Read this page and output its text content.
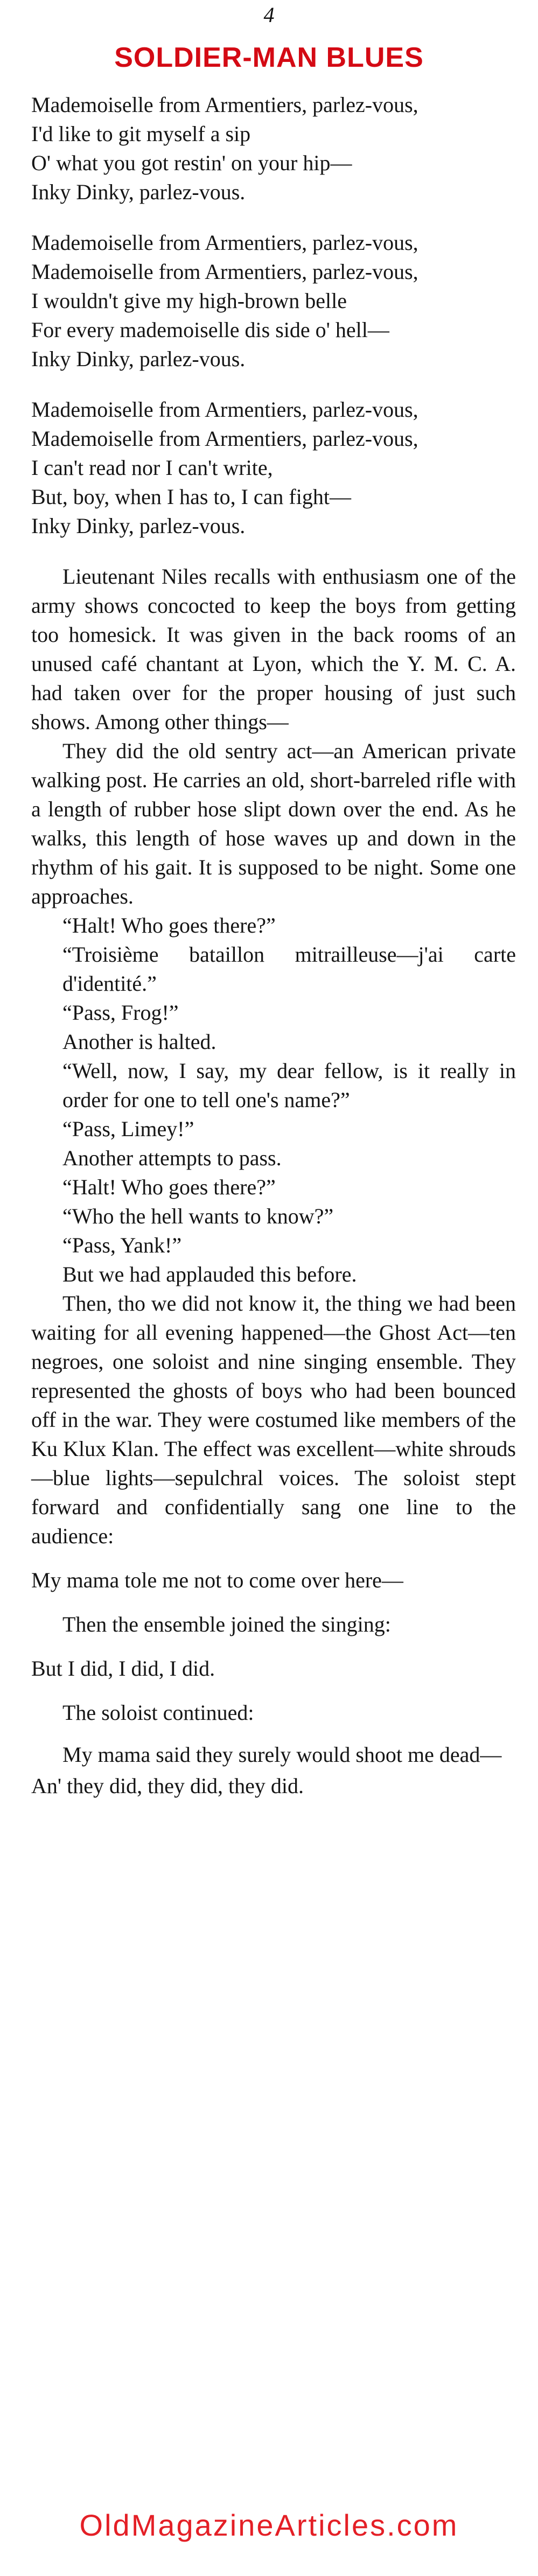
4
SOLDIER-MAN BLUES
Mademoiselle from Armentiers, parlez-vous,
I'd like to git myself a sip
O' what you got restin' on your hip—
Inky Dinky, parlez-vous.
Mademoiselle from Armentiers, parlez-vous,
Mademoiselle from Armentiers, parlez-vous,
I wouldn't give my high-brown belle
For every mademoiselle dis side o' hell—
Inky Dinky, parlez-vous.
Mademoiselle from Armentiers, parlez-vous,
Mademoiselle from Armentiers, parlez-vous,
I can't read nor I can't write,
But, boy, when I has to, I can fight—
Inky Dinky, parlez-vous.
Lieutenant Niles recalls with enthusiasm one of the army shows concocted to keep the boys from getting too homesick. It was given in the back rooms of an unused café chantant at Lyon, which the Y. M. C. A. had taken over for the proper housing of just such shows. Among other things—
They did the old sentry act—an American private walking post. He carries an old, short-barreled rifle with a length of rubber hose slipt down over the end. As he walks, this length of hose waves up and down in the rhythm of his gait. It is supposed to be night. Some one approaches.
“Halt! Who goes there?”
“Troisième bataillon mitrailleuse—j'ai carte d'identité.”
“Pass, Frog!”
Another is halted.
“Well, now, I say, my dear fellow, is it really in order for one to tell one's name?”
“Pass, Limey!”
Another attempts to pass.
“Halt! Who goes there?”
“Who the hell wants to know?”
“Pass, Yank!”
But we had applauded this before.
Then, tho we did not know it, the thing we had been waiting for all evening happened—the Ghost Act—ten negroes, one soloist and nine singing ensemble. They represented the ghosts of boys who had been bounced off in the war. They were costumed like members of the Ku Klux Klan. The effect was excellent—white shrouds—blue lights—sepulchral voices. The soloist stept forward and confidentially sang one line to the audience:
My mama tole me not to come over here—
Then the ensemble joined the singing:
But I did, I did, I did.
The soloist continued:
My mama said they surely would shoot me dead—
An' they did, they did, they did.
OldMagazineArticles.com
